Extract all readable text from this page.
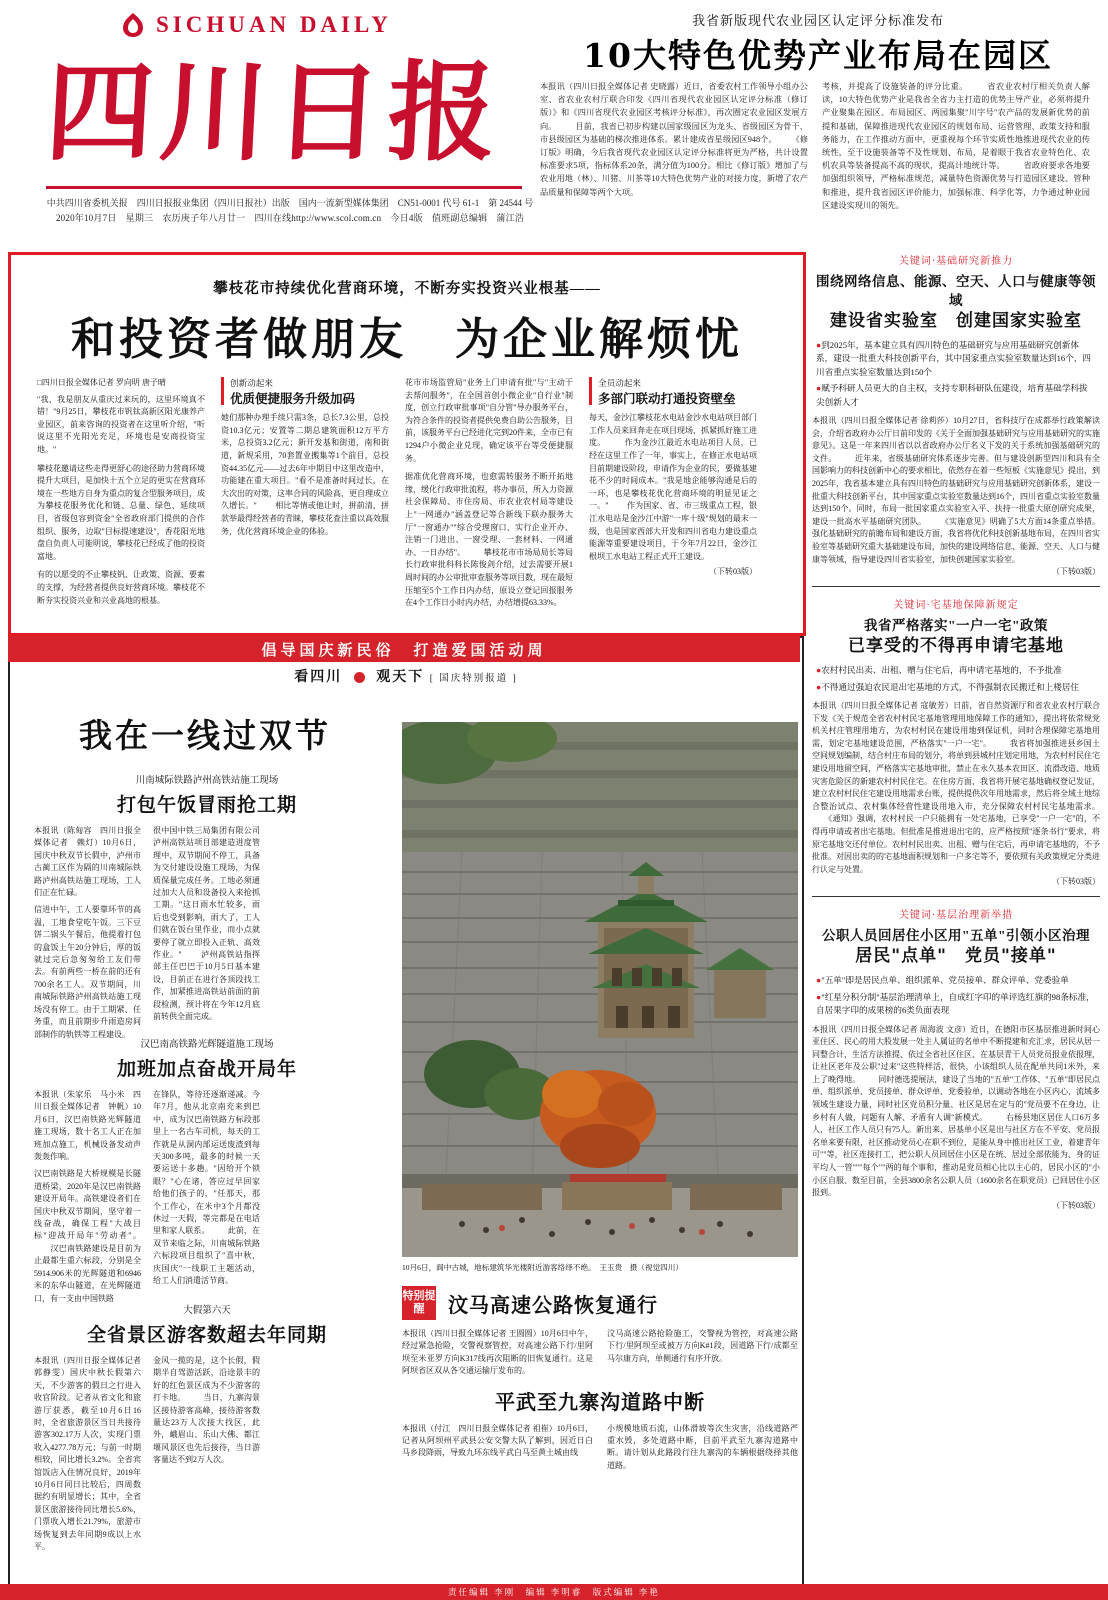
SICHUAN DAILY
四川日报
中共四川省委机关报　四川日报报业集团（四川日报社）出版　国内一流新型媒体集团　CN51-0001 代号 61-1　第 24544 号
2020年10月7日　星期三　农历庚子年八月廿一　四川在线http://www.scol.com.cn　今日4版　值班副总编辑　蒲江浩
我省新版现代农业园区认定评分标准发布
10大特色优势产业布局在园区
本报讯（四川日报全媒体记者 史晓露）近日，省委农村工作领导小组办公室、省农业农村厅联合印发《四川省现代农业园区认定评分标准（修订版）》和《四川省现代农业园区考核评分标准》，再次圈定农业园区发展方向。 　　目前，我省已初步构建以国家级园区为龙头、省级园区为骨干、市县级园区为基础的梯次推进体系。累计建成省星级园区948个。 　　《修订版》明确，今后我省现代农业园区认定评分标准将更为严格，共计设置标准要求5项，指标体系20条，满分值为100分。相比《修订版》增加了与农业用地（林）、川猪、川茶等10大特色优势产业的对接力度，新增了农产品质量和保障等两个大项。
考核，并提高了设施装备的评分比重。 　　省农业农村厅相关负责人解读，10大特色优势产业是我省全省力主打造的优势主导产业，必须将提升产业聚集在园区、布局园区、两园集聚"川字号"农产品的发展新优势的前提和基础，保障推进现代农业园区的规划布局、运营管理、政策支持和服务能力，在工作推动方面中，更重视每个环节实质性地推进现代农业的传统性，至于设施装备等不及性规划、布局，是着眼于我省农业特色化、农机农具等装备提高不高的现状，提高计地统计等。 　　省政府要求各地要加强组织领导，严格标准规范，减量特色资源优势与打造园区建设、管种和推进，提升我省园区评价能力，加强标准、科学化等，力争通过种业园区建设实现川的领先。
攀枝花市持续优化营商环境，不断夯实投资兴业根基——
和投资者做朋友　为企业解烦忧
□四川日报全媒体记者 罗向明 唐子晴
"我、我是朋友从重庆过来玩的，这里环境真不错！"9月25日，攀枝花市钒钛高新区阳光康养产业园区，前来咨询的投资者在这里听介绍，"听说这里不光阳光充足，环境也是安商投资宝地。"
攀枝花邀请这些走得更舒心的途径助力营商环境提升大项目，是加快十五个立足的更实在营商环境在一些地方自身为重点的复合型服务项目，成为攀枝花服务优化和链、总量、绿色、延续项目，省级包容到资金"全省政府部门提供的合作组织、服务，边取"目标提速建设"，香花阳光地盘自负责人可能明说，攀枝花已经成了他的投资富地。
有的以愿受的不止攀枝钒、让政策、资源、要素的支撑，为经营者提供良好营商环境。攀枝花不断夯实投资兴业和兴业高地的根基。
创新动起来
优质便捷服务升级加码
她们那种办理手续只需3条，总长7.3公里，总投资10.3亿元；安置等二期总建筑面积12万平方米，总投资3.2亿元；新开发基和街道，南和街道，新规采用，70套置业搬集等1个前目，总投资44.35亿元——过去6年中期目中这里改造中，功能建在重大项目。"看不是准备时间过长，在大次出的对策，这率合同的风险高，更自理成立久增长。" 　　相比等情或他让时，拼前清，拼款举最得经营者的青睐，攀枝花查注重以高效服务，优化营商环境企业的体验。
花市市场监管局"业务上门申请有批"与"主动干去帮问服务"，在全国首创小微企业"自行业"制度，创立行政审批事项"自分管"导办服务平台，为符合条件的投资者提供免费自助公告服务，目前，该服务平台已经进化完到20件来，全市已有1294户小微企业兑现，确定该平台等受便捷服务。
据准优化营商环境，也愈需转服务不断开拓地缘，缓化行政审批流程，将办事员，所入力资源社会保障局、市住房局、市农业农村局等建设上"一网通办"涵盖登记等合新线下联办服务大厅"一窗通办""综合受理窗口、实行企业开办、注销一门进出、一窗受理、一套材料、一网通办、一日办结"。 　　攀枝花市市场局局长等局长行政审批科科长陈俊剑介绍，过去需要开展1周时间的办公审批审查服务等项目数，现在最短压缩至5个工作日内办结，原设立登记回报服务在4个工作日小时内办结，办结增提63.33%。
全员动起来
多部门联动打通投资壁垒
每天，金沙江攀枝花水电站金沙水电站项目部门工作人员来回奔走在项目现场，抓紧抓好施工进度。 　　作为金沙江最近水电站项目人员，已经在这里工作了一年，事实上，在修正水电站项目前期建设阶段，申请作为企业的民，要做基建花不少的时间成本。"我是地企能够沟通是后的一环，也是攀枝花优化营商环境的明显见证之一。" 　　作为国家、省、市三级重点工程，银江水电站是金沙江中游"一库十级"规划的最末一级，也是国家西部大开发和四川省电力建设重点能源等重要建设项目，于今年7月22日，金沙江根坝工水电站工程正式开工建设。
（下转03版）
看四川 观天下 [ 国庆特别报道 ]
我在一线过双节
川南城际铁路泸州高铁站施工现场
打包午饭冒雨抢工期
本报讯（陈甸容　四川日报全媒体记者　赖灯）10月6日，国庆中秋双节长假中，泸州市古蔺工区作为隔的川南城际铁路泸州高铁站施工现场，工人们正在忙碌。
信进中午，工人要靠环节的高温，工地食堂吃午饭。三下豆饼二锅头午餐后，他提着打包的盒饭上午20分钟后，厚的饭就过完后急匆匆给工友们带去。有前两些一桥在前的还有700余名工人。双节期间，川南城际铁路泸州高铁站施工现场没有停工。由于工期紧、任务重，而且前期步升雨造房间部制作的轨铁等工程建设。
很中国中铁三局集团有限公司泸州高铁站项目部建造进度管理中，双节期间不停工，具备为交付建设设施工现场，为保质保量完成任务。工地必须通过加大人员和设备投入来抢抓工期。"这日雨水忙较多，雨后也受到影响，雨大了，工人们就在饭台里作业，而小点就要停了就立即投入正轨、高效作业。" 　　泸州高铁站指挥部主任巴巴于10月5日基本建设，目前正在进行各顶段找工作，加紧推进高铁站前面的前段检测，预计将在今年12月底前转供全面完成。
汉巴南高铁路光辉隧道施工现场
加班加点奋战开局年
本报讯（朱家乐　马小米　四川日报全媒体记者　钟帆）10月6日，汉巴南铁路光辉隧道施工现场，数十名工人正在加班加点施工，机械设备发动声轰轰作响。
汉巴南铁路是大桥规模是长隧道桥梁，2020年是汉巴南铁路建设开局年。高铁建设者们在国庆中秋双节期间，坚守着一线奋战，确保工程"大战目标"迎战开局年"劳动者"。 　　汉巴南铁路建设是目前为止最都生重六标段，分别是全5914.906米的光辉隧道和6946米的东华山隧道，在光辉隧道口，有一支由中国铁路
在锋队，等待还逐渐递减。今年7月，他从北京南充来到巴中，成为汉巴南铁路方标段那里上一名古车司机，每天的工作就是从洞内部运送废渣到每天300多吨，最多的时候一天要运送十多趟。"因给开个锁眼？"心在诸，答应过早回家给他们孩子的，"任那天，那个工作心，在米中3个月都没休过一天假，等完都是在电话里和家人联系。 　　此前，在双节来临之际，川南城际铁路六标段项目组织了"喜中秋，庆国庆"一线职工主题活动，给工人们消遣活节商。
大假第六天
全省景区游客数超去年同期
本报讯（四川日报全媒体记者 郭静雯）国庆中秋长假第六天，不少游客的假日之行进入收官阶段。记者从省文化和旅游厅获悉，截至10月6日16时，全省旅游景区当日共接待游客302.17万人次，实现门票收入4277.78万元；与前一时期相较，同比增长3.2%。全省宾馆饭店入住情况良好，2019年10月6日同日比较后，四周数据约有明显增长；其中，全省景区旅游接待同比增长5.6%，门票收入增长21.79%，旅游市场恢复到去年同期9成以上水平。
金风一揽的是，这个长假，假期半自驾游活跃，沿途景丰的好的红色景区成为不少游客的打卡地。 　　当日，九寨沟景区接待游客高峰，接待游客数量达23万人次接大找区，此外，峨眉山、乐山大佛、都江堰风景区也先后接待，当日游客量达不到2万人次。
10月6日，阆中古城，地标建筑华光楼附近游客络绎不绝。　王玉贵　摄（视觉四川）
特别提醒	汶马高速公路恢复通行
本报讯（四川日报全媒体记者 王圆圆）10月6日中午，经过紧急抢险，交警视察管控，对高速公路下行/里阿坝至米亚罗方向K317线再次阻断的旧恢复通行。这是阿坝省区双从各交通运输厅发布的。
汶马高速公路抢险施工，交警视为管控，对高速公路下行/里阿坝至或被万方向K#1段，因道路下行/成都至马尔康方向，单侧通行有序开放。
平武至九寨沟道路中断
本报讯（付江　四川日报全媒体记者 祖崔）10月6日，记者从阿坝州平武县公安交警大队了解到，因近日白马乡段降雨，导致九环东线平武白马至黄土城由线
小规模地质石流，山体滑坡等次生灾害，沿线道路严重水毁，多处道路中断，目前平武至九寨沟道路中断。请计划从此路段行往九寨沟的车辆根据绕择其他道路。
倡导国庆新民俗　打造爱国活动周
关键词·基础研究新推力
围绕网络信息、能源、空天、人口与健康等领域
建设省实验室　创建国家实验室
●到2025年，基本建立具有四川特色的基础研究与应用基础研究创新体系，建设一批重大科技创新平台，其中国家重点实验室数量达到16个，四川省重点实验室数量达到150个
●赋予科研人员更大的自主权，支持专职科研队伍建设，培育基础学科拔尖创新人才
本报讯（四川日报全媒体记者 徐莉莎）10月27日，省科技厅在成都举行政策解读会，介绍省政府办公厅日前印发的《关于全面加强基础研究与应用基础研究的实施意见》。这是一年来四川省以以省政府办公厅名义下发的关于系统加强基础研究的文件。 　　近年来，省级基础研究体系逐步完善。但与建设创新型四川和具有全国影响力的科技创新中心的要求相比，依然存在着一些短板《实施意见》提出，到2025年，我省基本建立具有四川特色的基础研究与应用基础研究创新体系，建设一批重大科技创新平台，其中国家重点实验室数量达到16个，四川省重点实验室数量达到150个。同时，布局一批国家重点实验室入平、扶持一批重大原创研究成果，建设一批高水平基础研究团队。 　　《实施意见》明确了5大方面14条重点举措。强化基础研究的前瞻布局和建设方面，我省将优化科技创新基地布局，在四川省实验室等基础研究重大基础建设布局，加快的建设网络信息、能源、空天、人口与健康等领域，指导建设四川省实验室，加快创建国家实验室。
（下转03版）
关键词·宅基地保障新规定
我省严格落实"一户一宅"政策
已享受的不得再申请宅基地
●农村村民出卖、出租、赠与住宅后，再申请宅基地的，不予批准
●不得通过强迫农民退出宅基地的方式，不得强制农民搬迁和上楼居住
本报讯（四川日报全媒体记者 寇敏芳）日前，省自然资源厅和省农业农村厅联合下发《关于规范全省农村村民宅基地管理用地保障工作的通知》，提出将依常规党机关村庄管理用地方，为农村村民在建设用地到保证机，同时合理保障宅基地用需，划定宅基地建设范围，严格落实"一户一宅"。 　　我省将加强推进县乡国土空间规划编制，结合村庄布局的划分，将单到县城村庄划定用地，为农村村民住宅建设用地留空间，严格落实宅基地审批，禁止在永久基本农田区、流滑改造、地质灾害危险区的新建农村村民住宅。在住房方面，我省将开展宅基地确权登记发证，建立农村村民住宅建设用地需求台账，提供提供次年用地需求，然后将全域土地综合整治试点、农村集体经营性建设用地入市，充分保障农村村民宅基地需求。 　　《通知》强调，农村村民一户只能拥有一处宅基地，已享受"一户一宅"的，不得再申请或者出宅基地。但批准是推进退出宅的，应严格按照"逐条书行"要求，将原宅基地交还付单位。农村村民出卖、出租、赠与住宅后，再申请宅基地的，不予批准。对因出卖的的宅基地面积规划和一户多宅等不，要依照有关政策规定分类进行认定与处置。
（下转03版）
关键词·基层治理新举措
公职人员回居住小区用"五单"引领小区治理
居民"点单"　党员"接单"
●"五单"即是居民点单、组织派单、党员接单、群众评单、党委验单
●"红星分积分制"基层治理清单上，自成红字印的单评选红旗的98条标准，自居果字印的成果榜的6类负面表现
本报讯（四川日报全媒体记者 周海波 文彦）近日，在德阳市区基层推进新时间心亚住区、民心的用大股发展一处主人属证的名单中不断提建和充汇求，居民从居一同整合计，生活方法推提、依过全省社区住区、在基层青干人员党员报业依报理，让社区老年及公职"过来"这些特样活，很快，小该组织人员在配单共同1米外，来上了晚得地。 　　同时德选提展法，建设了当地的"五单"工作体、"五单"即居民点单、组织派单、党员接单、群众评单、党委验单，以调动各地在小区内心，流域多领域生建设力量，同时社区党员积分量、社区是居在定与的"党员要不在身边，让乡村有人做，问题有人解、矛盾有人调"新模式。 　　右杨县地区居住人口6万多人，社区工作人员只有75人。新出来、居基单小区是出与社区方在不平安、党员报名单来要有限，社区推动党员心在职不到位，是能从身中推出社区工业，着建青年可""等，社区连接打工，把公职人员回居住小区是在统、居过全部依能为、身的证平均人一管"""每个""两的每个事和，推动是党员相心比以主心的，居民小区的"小小区自服、数至目前，全县3800余名公职人员（1600余名在职党员）已回居住小区报到。
（下转03版）
责任编辑 李刚　编辑 李明睿　版式编辑 李艳
